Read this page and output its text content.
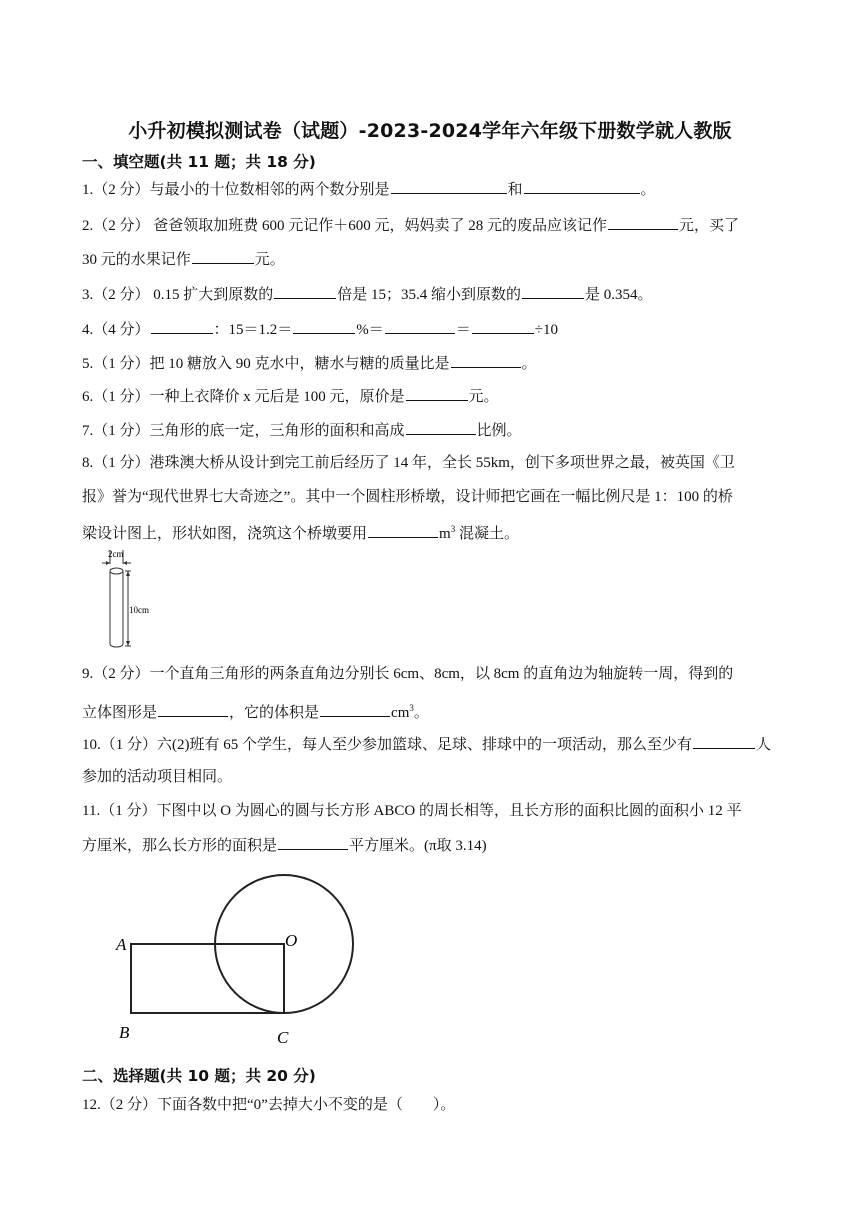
小升初模拟测试卷（试题）-2023-2024学年六年级下册数学就人教版
一、填空题(共 11 题；共 18 分)
1.（2 分）与最小的十位数相邻的两个数分别是	和	。
2.（2 分） 爸爸领取加班费 600 元记作＋600 元，妈妈卖了 28 元的废品应该记作	元，买了
30 元的水果记作	元。
3.（2 分） 0.15 扩大到原数的	倍是 15；35.4 缩小到原数的	是 0.354。
4.（4 分）	：15＝1.2＝	%＝	＝	÷10
5.（1 分）把 10 糖放入 90 克水中，糖水与糖的质量比是	。
6.（1 分）一种上衣降价 x 元后是 100 元，原价是	元。
7.（1 分）三角形的底一定，三角形的面积和高成	比例。
8.（1 分）港珠澳大桥从设计到完工前后经历了 14 年，全长 55km，创下多项世界之最，被英国《卫
报》誉为“现代世界七大奇迹之”。其中一个圆柱形桥墩，设计师把它画在一幅比例尺是 1：100 的桥
梁设计图上，形状如图，浇筑这个桥墩要用	$m^3$ 混凝土。
2cm
10cm
9.（2 分）一个直角三角形的两条直角边分别长 6cm、8cm，以 8cm 的直角边为轴旋转一周，得到的
立体图形是	，它的体积是	$cm^3$。
10.（1 分）六(2)班有 65 个学生，每人至少参加篮球、足球、排球中的一项活动，那么至少有	人
参加的活动项目相同。
11.（1 分）下图中以 O 为圆心的圆与长方形 ABCO 的周长相等，且长方形的面积比圆的面积小 12 平
方厘米，那么长方形的面积是	平方厘米。(π取 3.14)
A
B	C
O
二、选择题(共 10 题；共 20 分)
12.（2 分）下面各数中把“0”去掉大小不变的是（　　）。
